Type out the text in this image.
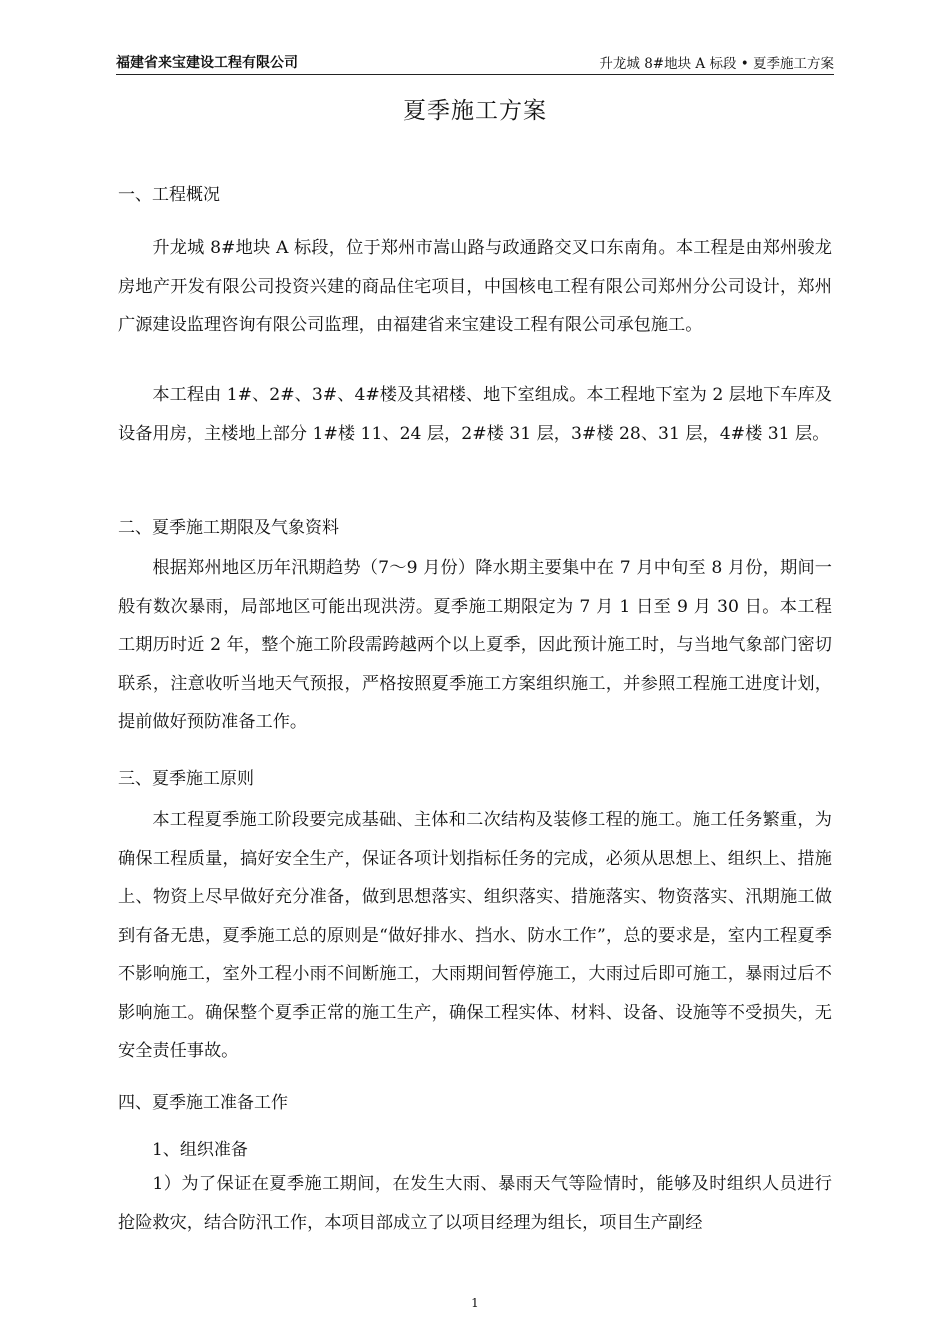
福建省来宝建设工程有限公司	升龙城 8#地块 A 标段 • 夏季施工方案
夏季施工方案
一、工程概况
升龙城 8#地块 A 标段，位于郑州市嵩山路与政通路交叉口东南角。本工程是由郑州骏龙房地产开发有限公司投资兴建的商品住宅项目，中国核电工程有限公司郑州分公司设计，郑州广源建设监理咨询有限公司监理，由福建省来宝建设工程有限公司承包施工。
本工程由 1#、2#、3#、4#楼及其裙楼、地下室组成。本工程地下室为 2 层地下车库及设备用房，主楼地上部分 1#楼 11、24 层，2#楼 31 层，3#楼 28、31 层，4#楼 31 层。
二、夏季施工期限及气象资料
根据郑州地区历年汛期趋势（7～9 月份）降水期主要集中在 7 月中旬至 8 月份，期间一般有数次暴雨，局部地区可能出现洪涝。夏季施工期限定为 7 月 1 日至 9 月 30 日。本工程工期历时近 2 年，整个施工阶段需跨越两个以上夏季，因此预计施工时，与当地气象部门密切联系，注意收听当地天气预报，严格按照夏季施工方案组织施工，并参照工程施工进度计划，提前做好预防准备工作。
三、夏季施工原则
本工程夏季施工阶段要完成基础、主体和二次结构及装修工程的施工。施工任务繁重，为确保工程质量，搞好安全生产，保证各项计划指标任务的完成，必须从思想上、组织上、措施上、物资上尽早做好充分准备，做到思想落实、组织落实、措施落实、物资落实、汛期施工做到有备无患，夏季施工总的原则是“做好排水、挡水、防水工作”，总的要求是，室内工程夏季不影响施工，室外工程小雨不间断施工，大雨期间暂停施工，大雨过后即可施工，暴雨过后不影响施工。确保整个夏季正常的施工生产，确保工程实体、材料、设备、设施等不受损失，无安全责任事故。
四、夏季施工准备工作
1、组织准备
1）为了保证在夏季施工期间，在发生大雨、暴雨天气等险情时，能够及时组织人员进行抢险救灾，结合防汛工作，本项目部成立了以项目经理为组长，项目生产副经
1
